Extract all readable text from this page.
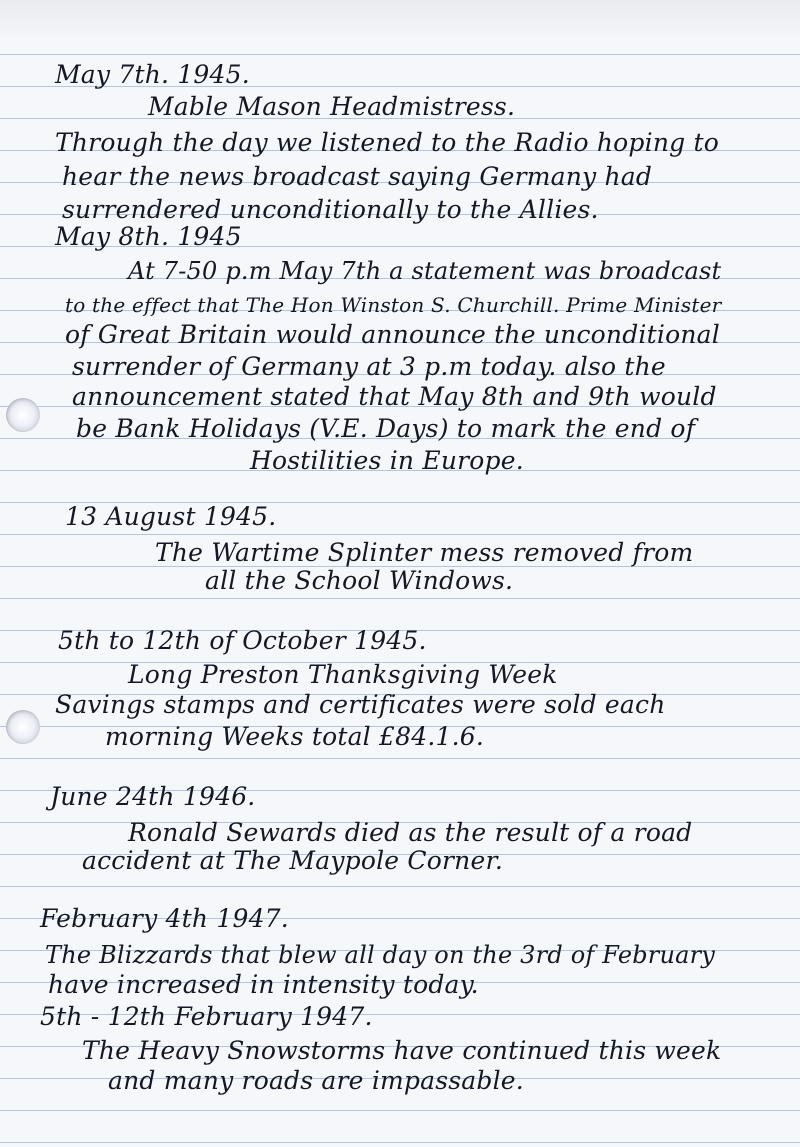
May 7th. 1945.

Mable Mason Headmistress.

Through the day we listened to the Radio hoping to

hear the news broadcast saying Germany had

surrendered unconditionally to the Allies.

May 8th. 1945

At 7-50 p.m May 7th a statement was broadcast

to the effect that The Hon Winston S. Churchill. Prime Minister

of Great Britain would announce the unconditional

surrender of Germany at 3 p.m today. also the

announcement stated that May 8th and 9th would

be Bank Holidays (V.E. Days) to mark the end of

Hostilities in Europe.

13 August 1945.

The Wartime Splinter mess removed from

all the School Windows.

5th to 12th of October 1945.

Long Preston Thanksgiving Week

Savings stamps and certificates were sold each

morning Weeks total £84.1.6.

June 24th 1946.

Ronald Sewards died as the result of a road

accident at The Maypole Corner.

February 4th 1947.

The Blizzards that blew all day on the 3rd of February

have increased in intensity today.

5th - 12th February 1947.

The Heavy Snowstorms have continued this week

and many roads are impassable.
